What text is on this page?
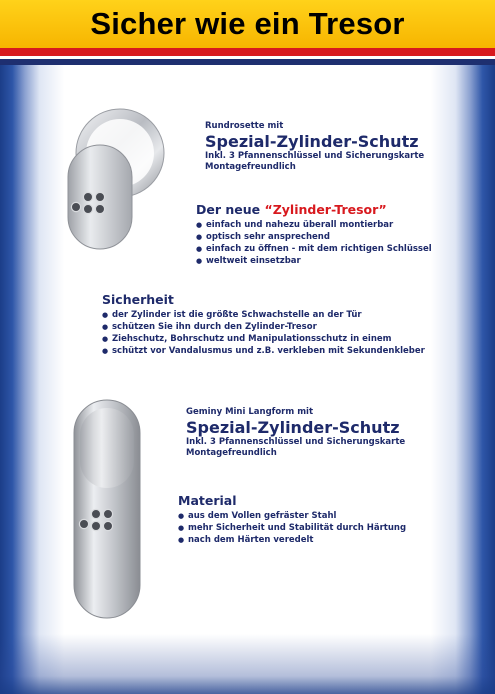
Sicher wie ein Tresor
Rundrosette mit
Spezial-Zylinder-Schutz
Inkl. 3 Pfannenschlüssel und Sicherungskarte
Montagefreundlich
Der neue “Zylinder-Tresor”
● einfach und nahezu überall montierbar
● optisch sehr ansprechend
● einfach zu öffnen - mit dem richtigen Schlüssel
● weltweit einsetzbar
Sicherheit
● der Zylinder ist die größte Schwachstelle an der Tür
● schützen Sie ihn durch den Zylinder-Tresor
● Ziehschutz, Bohrschutz und Manipulationsschutz in einem
● schützt vor Vandalusmus und z.B. verkleben mit Sekundenkleber
Geminy Mini Langform mit
Spezial-Zylinder-Schutz
Inkl. 3 Pfannenschlüssel und Sicherungskarte
Montagefreundlich
Material
● aus dem Vollen gefräster Stahl
● mehr Sicherheit und Stabilität durch Härtung
● nach dem Härten veredelt
